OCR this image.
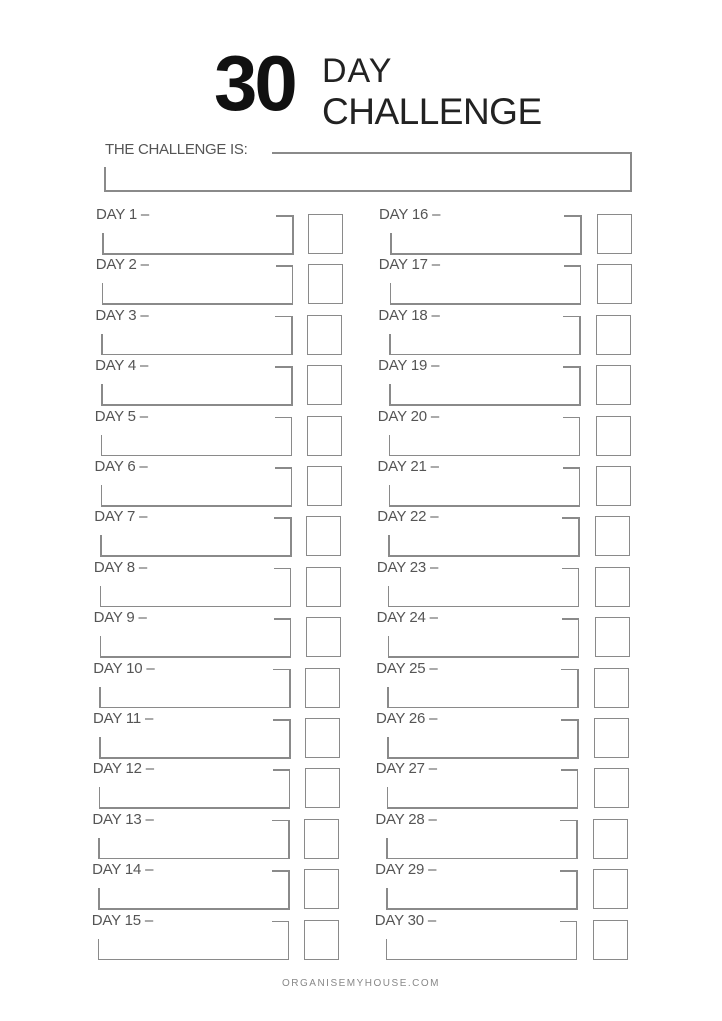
30 DAY
CHALLENGE
THE CHALLENGE IS:
DAY 1 –
DAY 2 –
DAY 3 –
DAY 4 –
DAY 5 –
DAY 6 –
DAY 7 –
DAY 8 –
DAY 9 –
DAY 10 –
DAY 11 –
DAY 12 –
DAY 13 –
DAY 14 –
DAY 15 –
DAY 16 –
DAY 17 –
DAY 18 –
DAY 19 –
DAY 20 –
DAY 21 –
DAY 22 –
DAY 23 –
DAY 24 –
DAY 25 –
DAY 26 –
DAY 27 –
DAY 28 –
DAY 29 –
DAY 30 –
ORGANISEMYHOUSE.COM
